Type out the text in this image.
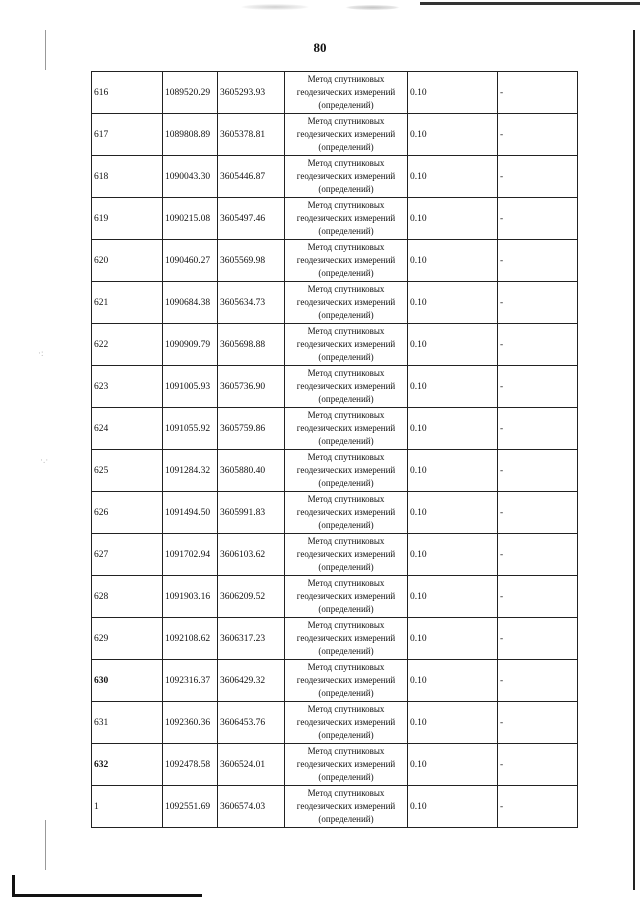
80
·:
·.·
616	1089520.29	3605293.93	Метод спутниковых
геодезических измерений
(определений)	0.10	-
617	1089808.89	3605378.81	Метод спутниковых
геодезических измерений
(определений)	0.10	-
618	1090043.30	3605446.87	Метод спутниковых
геодезических измерений
(определений)	0.10	-
619	1090215.08	3605497.46	Метод спутниковых
геодезических измерений
(определений)	0.10	-
620	1090460.27	3605569.98	Метод спутниковых
геодезических измерений
(определений)	0.10	-
621	1090684.38	3605634.73	Метод спутниковых
геодезических измерений
(определений)	0.10	-
622	1090909.79	3605698.88	Метод спутниковых
геодезических измерений
(определений)	0.10	-
623	1091005.93	3605736.90	Метод спутниковых
геодезических измерений
(определений)	0.10	-
624	1091055.92	3605759.86	Метод спутниковых
геодезических измерений
(определений)	0.10	-
625	1091284.32	3605880.40	Метод спутниковых
геодезических измерений
(определений)	0.10	-
626	1091494.50	3605991.83	Метод спутниковых
геодезических измерений
(определений)	0.10	-
627	1091702.94	3606103.62	Метод спутниковых
геодезических измерений
(определений)	0.10	-
628	1091903.16	3606209.52	Метод спутниковых
геодезических измерений
(определений)	0.10	-
629	1092108.62	3606317.23	Метод спутниковых
геодезических измерений
(определений)	0.10	-
630	1092316.37	3606429.32	Метод спутниковых
геодезических измерений
(определений)	0.10	-
631	1092360.36	3606453.76	Метод спутниковых
геодезических измерений
(определений)	0.10	-
632	1092478.58	3606524.01	Метод спутниковых
геодезических измерений
(определений)	0.10	-
1	1092551.69	3606574.03	Метод спутниковых
геодезических измерений
(определений)	0.10	-
